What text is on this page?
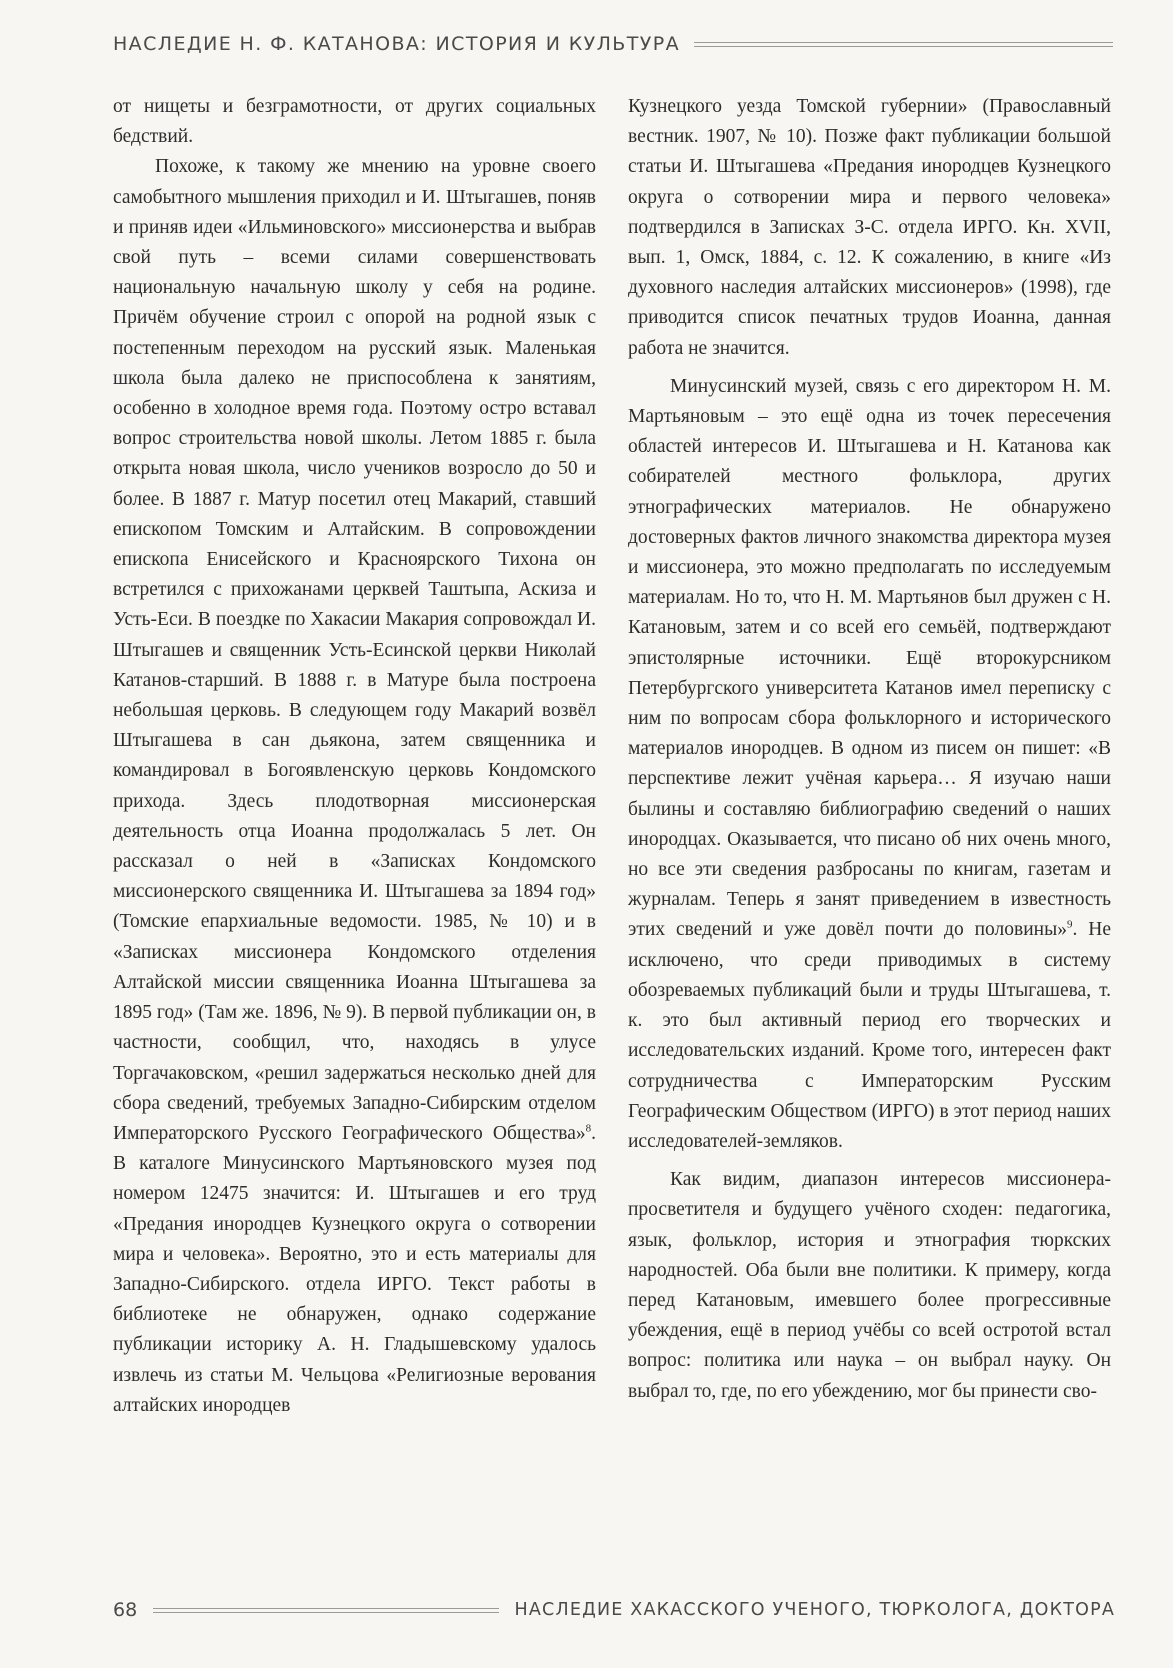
НАСЛЕДИЕ Н. Ф. КАТАНОВА: ИСТОРИЯ И КУЛЬТУРА

от нищеты и безграмотности, от других социальных бедствий.

Похоже, к такому же мнению на уровне своего самобытного мышления приходил и И. Штыгашев, поняв и приняв идеи «Ильминовского» миссионерства и выбрав свой путь – всеми силами совершенствовать национальную начальную школу у себя на родине. Причём обучение строил с опорой на родной язык с постепенным переходом на русский язык. Маленькая школа была далеко не приспособлена к занятиям, особенно в холодное время года. Поэтому остро вставал вопрос строительства новой школы. Летом 1885 г. была открыта новая школа, число учеников возросло до 50 и более. В 1887 г. Матур посетил отец Макарий, ставший епископом Томским и Алтайским. В сопровождении епископа Енисейского и Красноярского Тихона он встретился с прихожанами церквей Таштыпа, Аскиза и Усть-Еси. В поездке по Хакасии Макария сопровождал И. Штыгашев и священник Усть-Есинской церкви Николай Катанов-старший. В 1888 г. в Матуре была построена небольшая церковь. В следующем году Макарий возвёл Штыгашева в сан дьякона, затем священника и командировал в Богоявленскую церковь Кондомского прихода. Здесь плодотворная миссионерская деятельность отца Иоанна продолжалась 5 лет. Он рассказал о ней в «Записках Кондомского миссионерского священника И. Штыгашева за 1894 год» (Томские епархиальные ведомости. 1985, № 10) и в «Записках миссионера Кондомского отделения Алтайской миссии священника Иоанна Штыгашева за 1895 год» (Там же. 1896, № 9). В первой публикации он, в частности, сообщил, что, находясь в улусе Торгачаковском, «решил задержаться несколько дней для сбора сведений, требуемых Западно-Сибирским отделом Императорского Русского Географического Общества»$^8$. В каталоге Минусинского Мартьяновского музея под номером 12475 значится: И. Штыгашев и его труд «Предания инородцев Кузнецкого округа о сотворении мира и человека». Вероятно, это и есть материалы для Западно-Сибирского. отдела ИРГО. Текст работы в библиотеке не обнаружен, однако содержание публикации историку А. Н. Гладышевскому удалось извлечь из статьи М. Чельцова «Религиозные верования алтайских инородцев

Кузнецкого уезда Томской губернии» (Православный вестник. 1907, № 10). Позже факт публикации большой статьи И. Штыгашева «Предания инородцев Кузнецкого округа о сотворении мира и первого человека» подтвердился в Записках З-С. отдела ИРГО. Кн. XVII, вып. 1, Омск, 1884, с. 12. К сожалению, в книге «Из духовного наследия алтайских миссионеров» (1998), где приводится список печатных трудов Иоанна, данная работа не значится.

Минусинский музей, связь с его директором Н. М. Мартьяновым – это ещё одна из точек пересечения областей интересов И. Штыгашева и Н. Катанова как собирателей местного фольклора, других этнографических материалов. Не обнаружено достоверных фактов личного знакомства директора музея и миссионера, это можно предполагать по исследуемым материалам. Но то, что Н. М. Мартьянов был дружен с Н. Катановым, затем и со всей его семьёй, подтверждают эпистолярные источники. Ещё второкурсником Петербургского университета Катанов имел переписку с ним по вопросам сбора фольклорного и исторического материалов инородцев. В одном из писем он пишет: «В перспективе лежит учёная карьера… Я изучаю наши былины и составляю библиографию сведений о наших инородцах. Оказывается, что писано об них очень много, но все эти сведения разбросаны по книгам, газетам и журналам. Теперь я занят приведением в известность этих сведений и уже довёл почти до половины»$^9$. Не исключено, что среди приводимых в систему обозреваемых публикаций были и труды Штыгашева, т. к. это был активный период его творческих и исследовательских изданий. Кроме того, интересен факт сотрудничества с Императорским Русским Географическим Обществом (ИРГО) в этот период наших исследователей-земляков.

Как видим, диапазон интересов миссионера-просветителя и будущего учёного сходен: педагогика, язык, фольклор, история и этнография тюркских народностей. Оба были вне политики. К примеру, когда перед Катановым, имевшего более прогрессивные убеждения, ещё в период учёбы со всей остротой встал вопрос: политика или наука – он выбрал науку. Он выбрал то, где, по его убеждению, мог бы принести сво-

68	НАСЛЕДИЕ ХАКАССКОГО УЧЕНОГО, ТЮРКОЛОГА, ДОКТОРА
